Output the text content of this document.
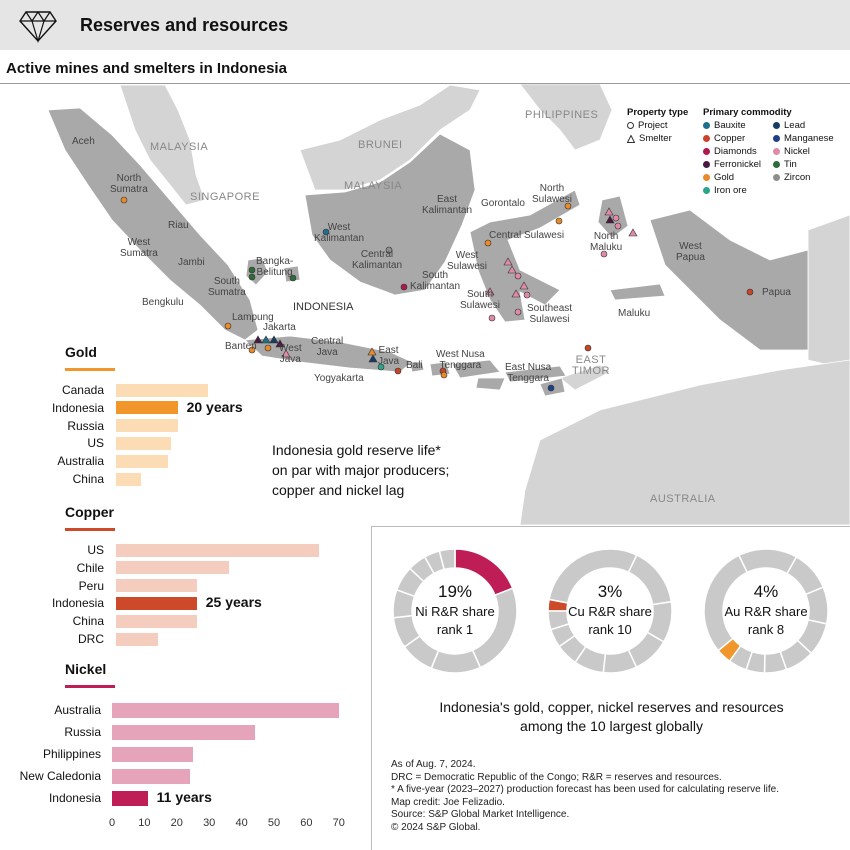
Reserves and resources
Active mines and smelters in Indonesia
MALAYSIA
MALAYSIA
SINGAPORE
BRUNEI
PHILIPPINES
INDONESIA
EAST
TIMOR
AUSTRALIA
Aceh
North
Sumatra
Riau
West
Sumatra
Jambi
South
Sumatra
Bengkulu
Lampung
Bangka-
Belitung
Banten
Jakarta
West
Java
Central
Java
Yogyakarta
East
Java Bali
West Nusa
Tenggara	East Nusa
Tenggara
West
Kalimantan
Central
Kalimantan
East
Kalimantan
South
Kalimantan
Gorontalo
North
Sulawesi
Central Sulawesi
West
Sulawesi
South
Sulawesi	Southeast
Sulawesi
North
Maluku
Maluku
West
Papua
Papua
Property type
Project
Smelter
Primary commodity
Bauxite
Copper
Diamonds
Ferronickel
Gold
Iron ore
Lead
Manganese
Nickel
Tin
Zircon
Gold
Canada
Indonesia	20 years
Russia
US
Australia
China
Copper
US
Chile
Peru
Indonesia	25 years
China
DRC
Nickel
Australia
Russia
Philippines
New Caledonia
Indonesia	11 years
0	10	20	30	40	50	60	70
Indonesia gold reserve life*
on par with major producers;
copper and nickel lag
19%
Ni R&R share
rank 1
3%
Cu R&R share
rank 10
4%
Au R&R share
rank 8
Indonesia's gold, copper, nickel reserves and resources
among the 10 largest globally
As of Aug. 7, 2024.
DRC = Democratic Republic of the Congo; R&R = reserves and resources.
* A five-year (2023–2027) production forecast has been used for calculating reserve life.
Map credit: Joe Felizadio.
Source: S&P Global Market Intelligence.
© 2024 S&P Global.
